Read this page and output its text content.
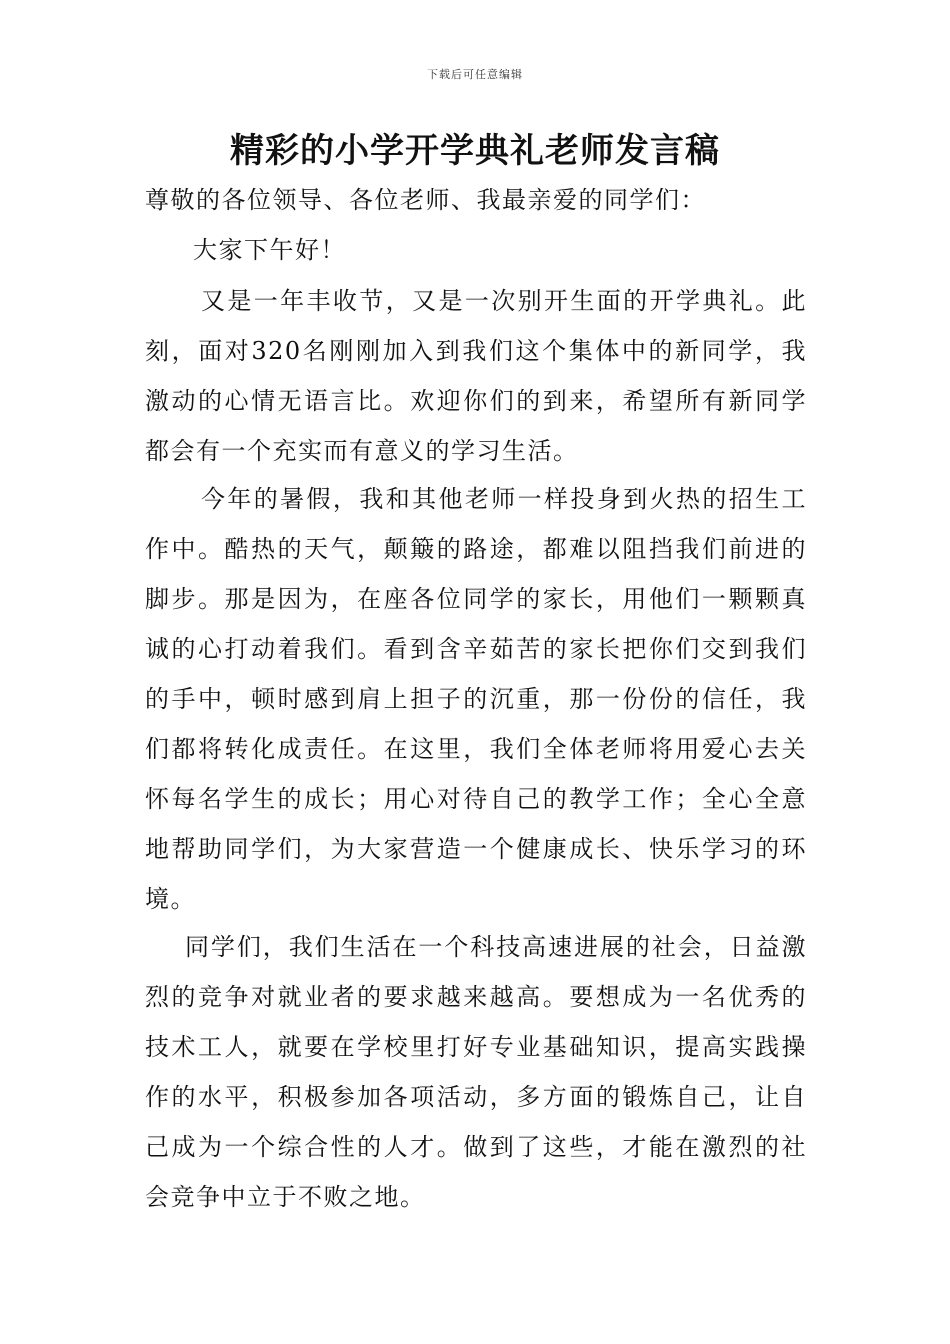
下载后可任意编辑
精彩的小学开学典礼老师发言稿

尊敬的各位领导、各位老师、我最亲爱的同学们：

大家下午好！

又是一年丰收节，又是一次别开生面的开学典礼。此刻，面对320名刚刚加入到我们这个集体中的新同学，我激动的心情无语言比。欢迎你们的到来，希望所有新同学都会有一个充实而有意义的学习生活。

今年的暑假，我和其他老师一样投身到火热的招生工作中。酷热的天气，颠簸的路途，都难以阻挡我们前进的脚步。那是因为，在座各位同学的家长，用他们一颗颗真诚的心打动着我们。看到含辛茹苦的家长把你们交到我们的手中，顿时感到肩上担子的沉重，那一份份的信任，我们都将转化成责任。在这里，我们全体老师将用爱心去关怀每名学生的成长；用心对待自己的教学工作；全心全意地帮助同学们，为大家营造一个健康成长、快乐学习的环境。

同学们，我们生活在一个科技高速进展的社会，日益激烈的竞争对就业者的要求越来越高。要想成为一名优秀的技术工人，就要在学校里打好专业基础知识，提高实践操作的水平，积极参加各项活动，多方面的锻炼自己，让自己成为一个综合性的人才。做到了这些，才能在激烈的社会竞争中立于不败之地。
